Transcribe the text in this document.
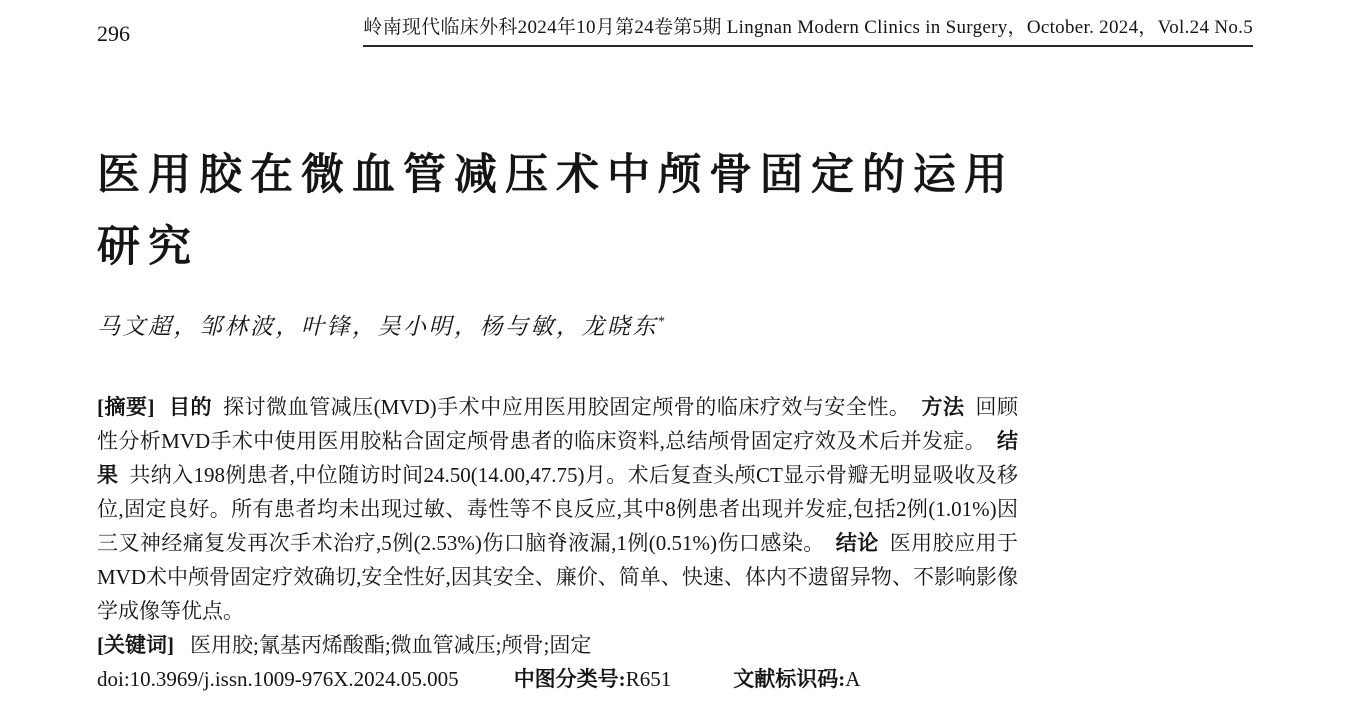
296	岭南现代临床外科2024年10月第24卷第5期 Lingnan Modern Clinics in Surgery，October. 2024，Vol.24 No.5
医用胶在微血管减压术中颅骨固定的运用研究
马文超，邹林波，叶锋，吴小明，杨与敏，龙晓东*

[摘要] 目的 探讨微血管减压(MVD)手术中应用医用胶固定颅骨的临床疗效与安全性。 方法 回顾性分析MVD手术中使用医用胶粘合固定颅骨患者的临床资料,总结颅骨固定疗效及术后并发症。 结果 共纳入198例患者,中位随访时间24.50(14.00,47.75)月。术后复查头颅CT显示骨瓣无明显吸收及移位,固定良好。所有患者均未出现过敏、毒性等不良反应,其中8例患者出现并发症,包括2例(1.01%)因三叉神经痛复发再次手术治疗,5例(2.53%)伤口脑脊液漏,1例(0.51%)伤口感染。 结论 医用胶应用于MVD术中颅骨固定疗效确切,安全性好,因其安全、廉价、简单、快速、体内不遗留异物、不影响影像学成像等优点。

[关键词] 医用胶;氰基丙烯酸酯;微血管减压;颅骨;固定

doi:10.3969/j.issn.1009-976X.2024.05.005	中图分类号:R651	文献标识码:A
